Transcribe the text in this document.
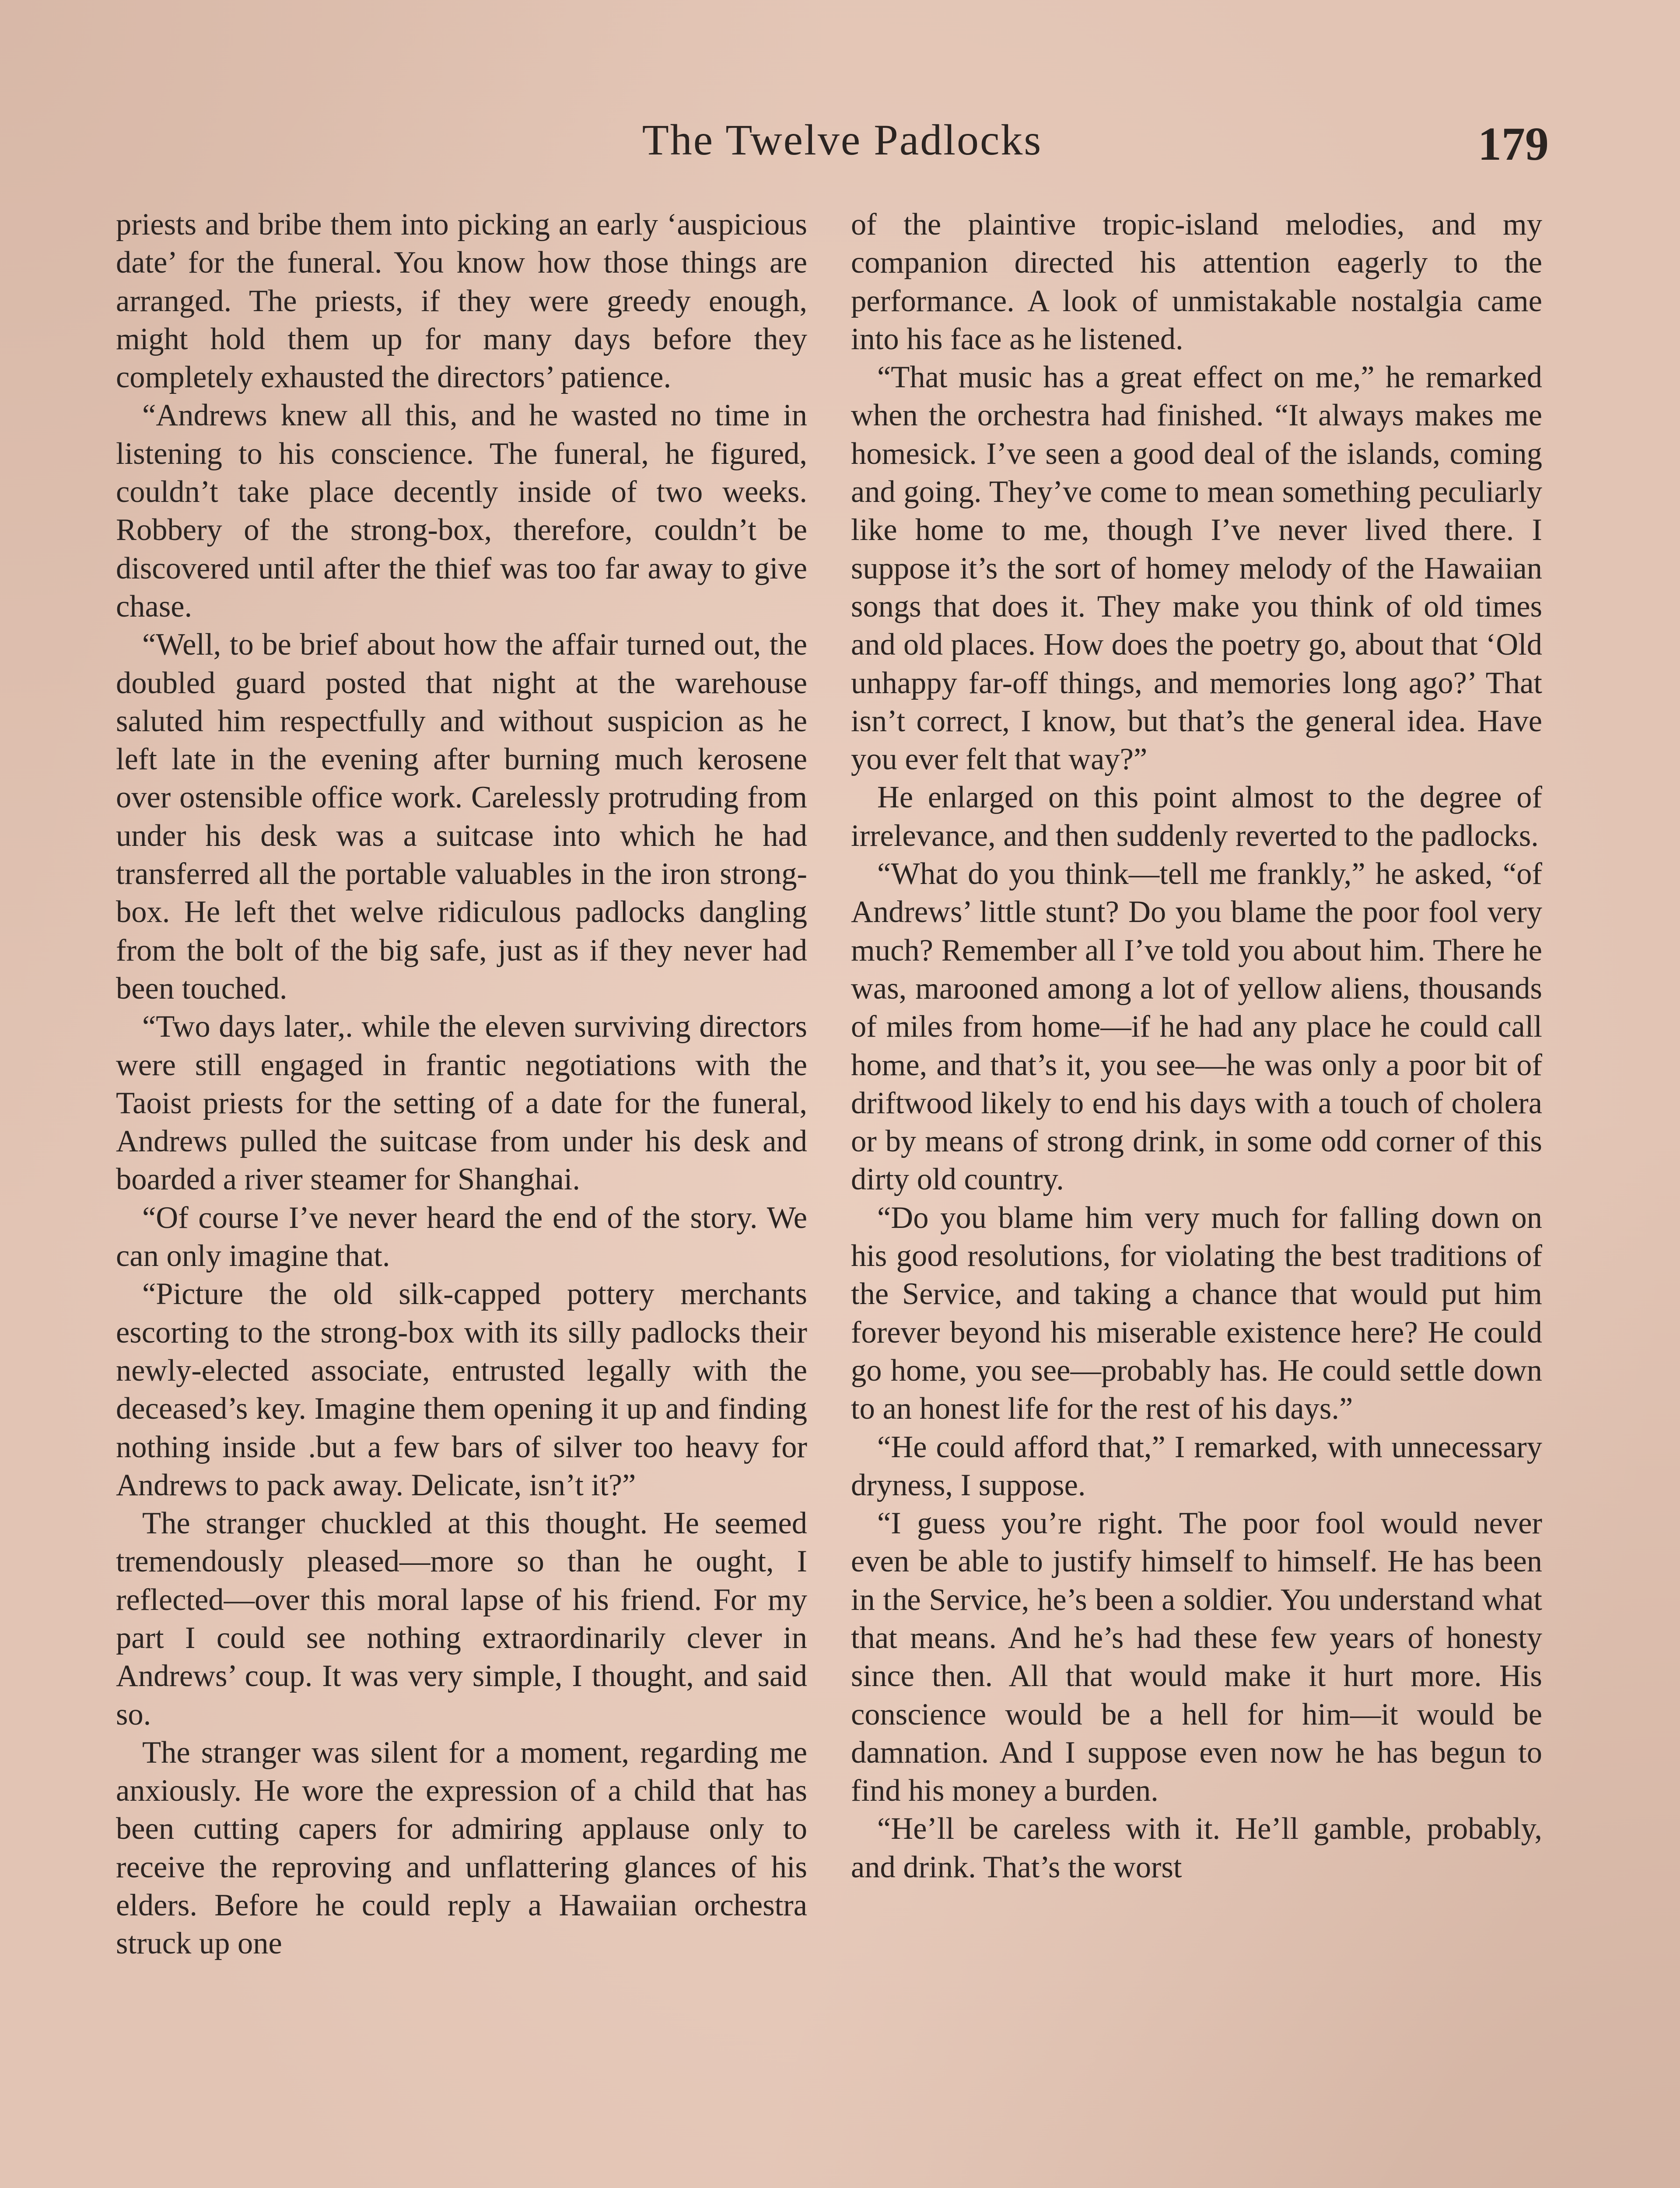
The Twelve Padlocks	179

priests and bribe them into picking an early ‘auspicious date’ for the funeral. You know how those things are arranged. The priests, if they were greedy enough, might hold them up for many days before they completely exhausted the directors’ patience.

“Andrews knew all this, and he wasted no time in listening to his conscience. The funeral, he figured, couldn’t take place decently inside of two weeks. Robbery of the strong-box, therefore, couldn’t be discovered until after the thief was too far away to give chase.

“Well, to be brief about how the affair turned out, the doubled guard posted that night at the warehouse saluted him respectfully and without suspicion as he left late in the evening after burning much kerosene over ostensible office work. Carelessly protruding from under his desk was a suitcase into which he had transferred all the portable valuables in the iron strong-box. He left thet welve ridiculous padlocks dangling from the bolt of the big safe, just as if they never had been touched.

“Two days later,. while the eleven surviving directors were still engaged in frantic negotiations with the Taoist priests for the setting of a date for the funeral, Andrews pulled the suitcase from under his desk and boarded a river steamer for Shanghai.

“Of course I’ve never heard the end of the story. We can only imagine that.

“Picture the old silk-capped pottery merchants escorting to the strong-box with its silly padlocks their newly-elected associate, entrusted legally with the deceased’s key. Imagine them opening it up and finding nothing inside .but a few bars of silver too heavy for Andrews to pack away. Delicate, isn’t it?”

The stranger chuckled at this thought. He seemed tremendously pleased—more so than he ought, I reflected—over this moral lapse of his friend. For my part I could see nothing extraordinarily clever in Andrews’ coup. It was very simple, I thought, and said so.

The stranger was silent for a moment, regarding me anxiously. He wore the expression of a child that has been cutting capers for admiring applause only to receive the reproving and unflattering glances of his elders. Before he could reply a Hawaiian orchestra struck up one

of the plaintive tropic-island melodies, and my companion directed his attention eagerly to the performance. A look of unmistakable nostalgia came into his face as he listened.

“That music has a great effect on me,” he remarked when the orchestra had finished. “It always makes me homesick. I’ve seen a good deal of the islands, coming and going. They’ve come to mean something peculiarly like home to me, though I’ve never lived there. I suppose it’s the sort of homey melody of the Hawaiian songs that does it. They make you think of old times and old places. How does the poetry go, about that ‘Old unhappy far-off things, and memories long ago?’ That isn’t correct, I know, but that’s the general idea. Have you ever felt that way?”

He enlarged on this point almost to the degree of irrelevance, and then suddenly reverted to the padlocks.

“What do you think—tell me frankly,” he asked, “of Andrews’ little stunt? Do you blame the poor fool very much? Remember all I’ve told you about him. There he was, marooned among a lot of yellow aliens, thousands of miles from home—if he had any place he could call home, and that’s it, you see—he was only a poor bit of driftwood likely to end his days with a touch of cholera or by means of strong drink, in some odd corner of this dirty old country.

“Do you blame him very much for falling down on his good resolutions, for violating the best traditions of the Service, and taking a chance that would put him forever beyond his miserable existence here? He could go home, you see—probably has. He could settle down to an honest life for the rest of his days.”

“He could afford that,” I remarked, with unnecessary dryness, I suppose.

“I guess you’re right. The poor fool would never even be able to justify himself to himself. He has been in the Service, he’s been a soldier. You understand what that means. And he’s had these few years of honesty since then. All that would make it hurt more. His conscience would be a hell for him—it would be damnation. And I suppose even now he has begun to find his money a burden.

“He’ll be careless with it. He’ll gamble, probably, and drink. That’s the worst
